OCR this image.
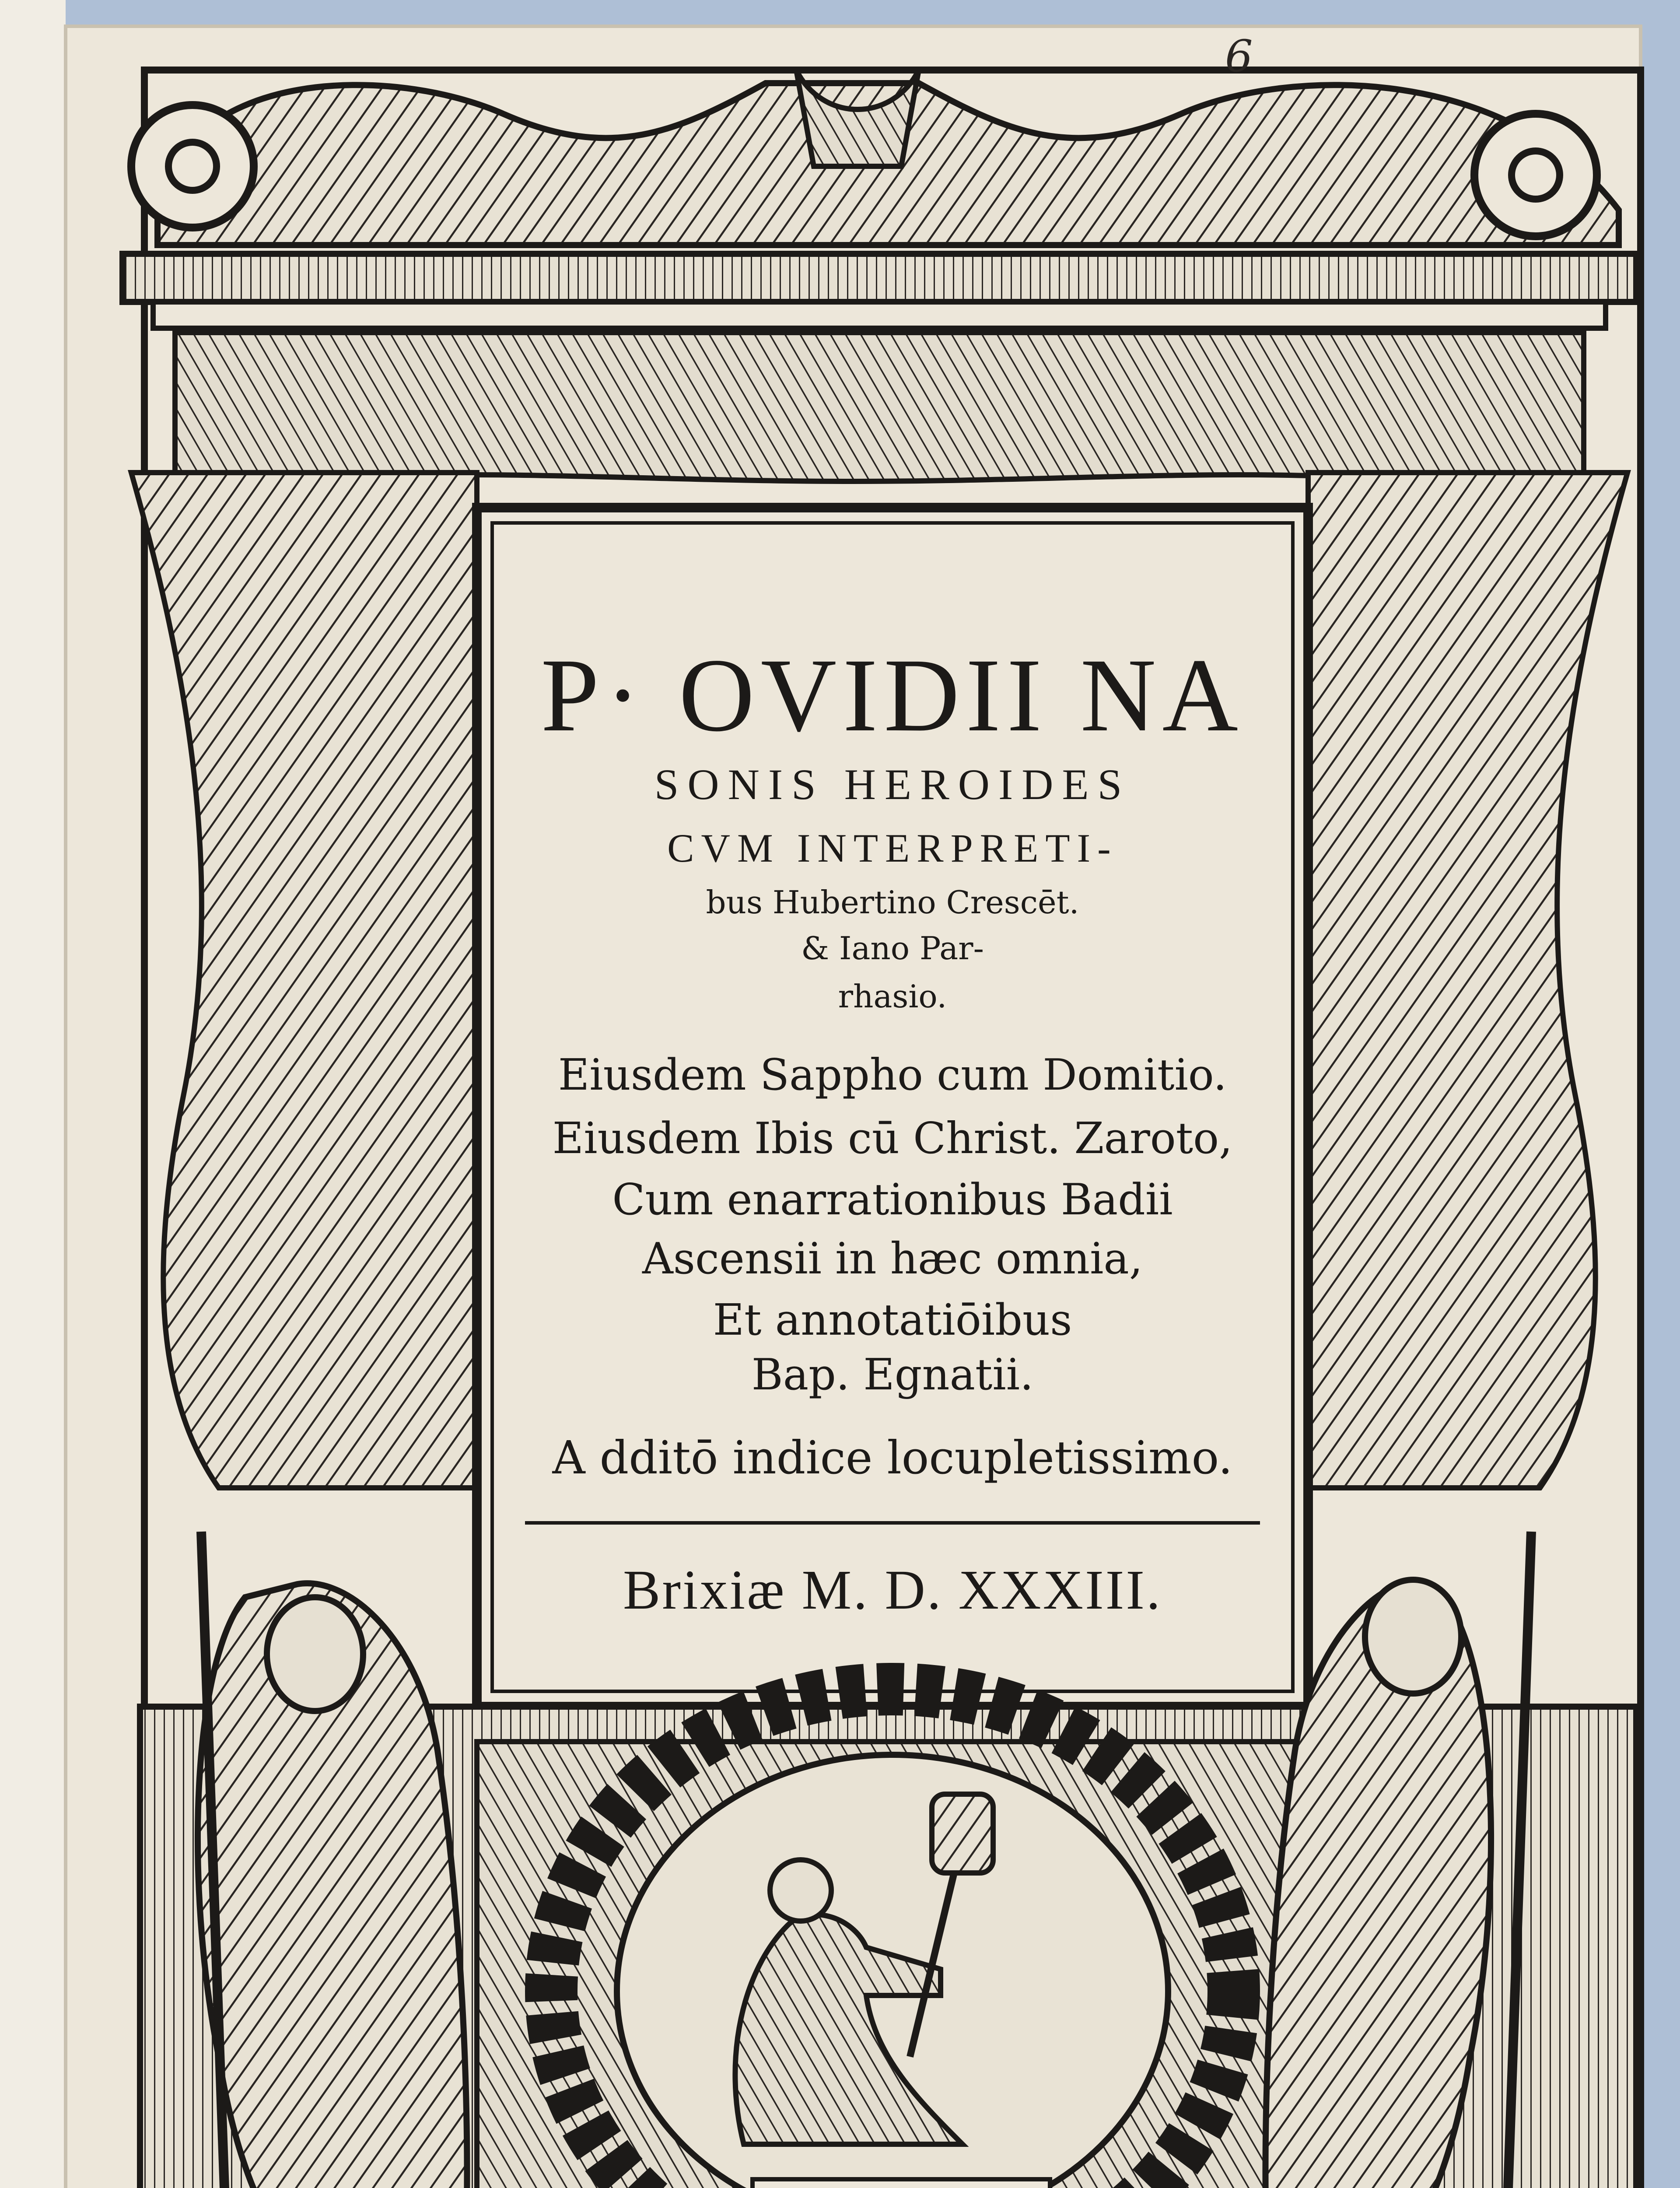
6
P· OVIDII NA
SONIS HEROIDES
CVM INTERPRETI-
bus Hubertino Crescēt.
& Iano Par-
rhasio.
Eiusdem Sappho cum Domitio.
Eiusdem Ibis cū Christ. Zaroto,
Cum enarrationibus Badii
Ascensii in hæc omnia,
Et annotatiōibus
Bap. Egnatii.
A dditō indice locupletissimo.
Brixiæ M. D. XXXIII.
